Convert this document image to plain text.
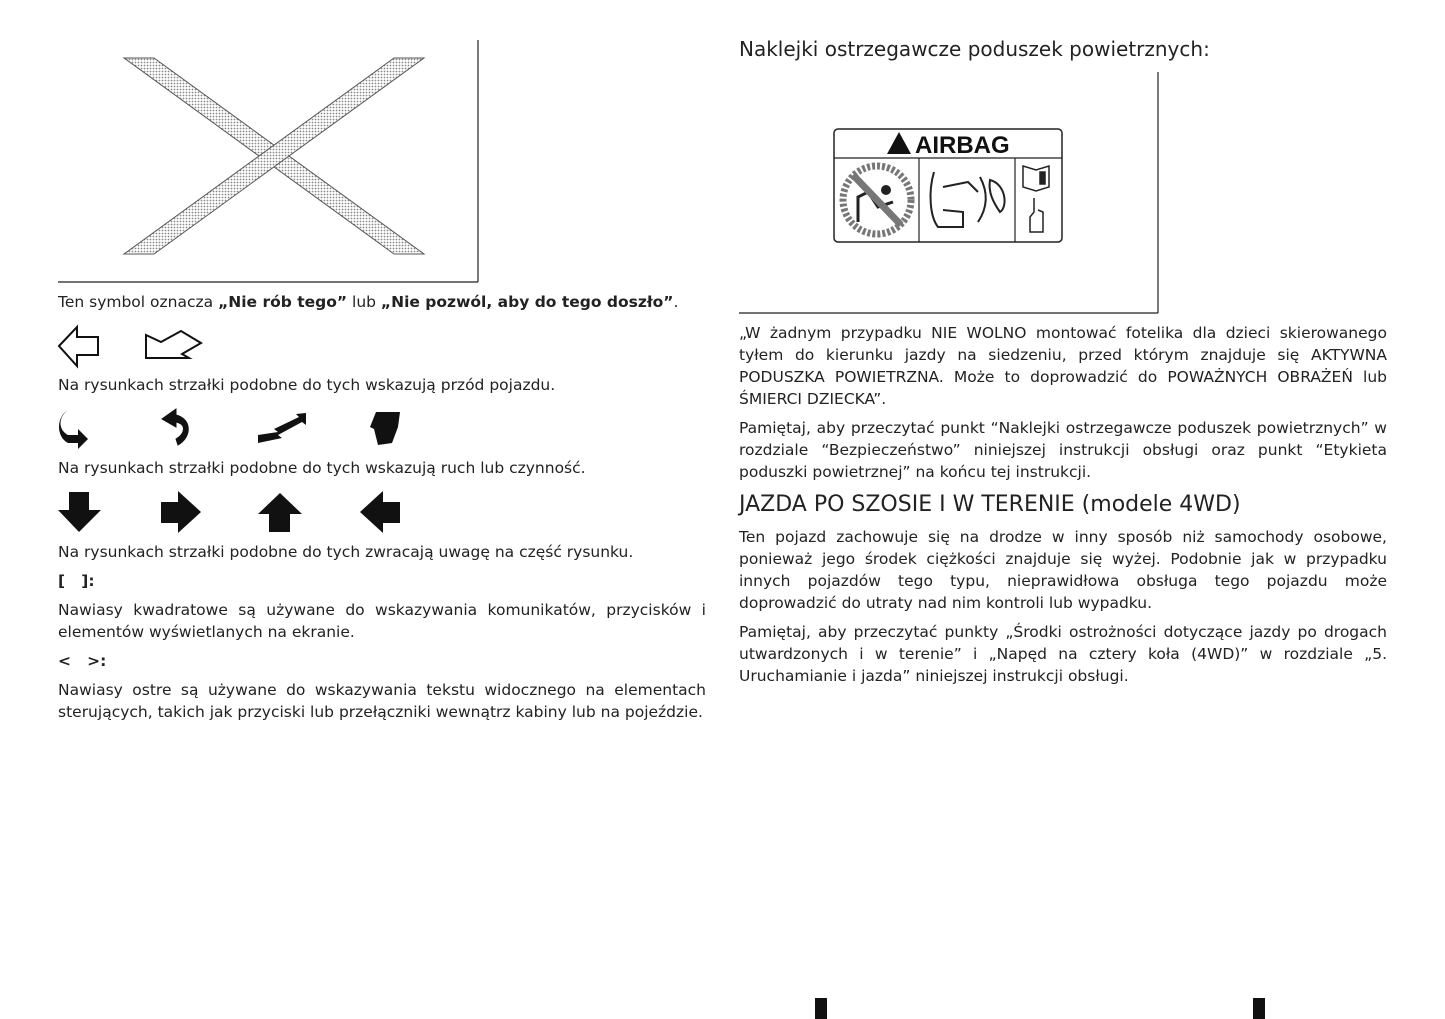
Ten symbol oznacza „Nie rób tego” lub „Nie pozwól, aby do tego doszło”.

Na rysunkach strzałki podobne do tych wskazują przód pojazdu.

Na rysunkach strzałki podobne do tych wskazują ruch lub czynność.

Na rysunkach strzałki podobne do tych zwracają uwagę na część rysunku.

[   ]:

Nawiasy kwadratowe są używane do wskazywania komunikatów, przycisków i elementów wyświetlanych na ekranie.

<   >:

Nawiasy ostre są używane do wskazywania tekstu widocznego na elementach sterujących, takich jak przyciski lub przełączniki wewnątrz kabiny lub na pojeździe.

Naklejki ostrzegawcze poduszek powietrznych:

AIRBAG

„W żadnym przypadku NIE WOLNO montować fotelika dla dzieci skierowanego tyłem do kierunku jazdy na siedzeniu, przed którym znajduje się AKTYWNA PODUSZKA POWIETRZNA. Może to doprowadzić do POWAŻNYCH OBRAŻEŃ lub ŚMIERCI DZIECKA”.

Pamiętaj, aby przeczytać punkt “Naklejki ostrzegawcze poduszek powietrznych” w rozdziale “Bezpieczeństwo” niniejszej instrukcji obsługi oraz punkt “Etykieta poduszki powietrznej” na końcu tej instrukcji.

JAZDA PO SZOSIE I W TERENIE (modele 4WD)

Ten pojazd zachowuje się na drodze w inny sposób niż samochody osobowe, ponieważ jego środek ciężkości znajduje się wyżej. Podobnie jak w przypadku innych pojazdów tego typu, nieprawidłowa obsługa tego pojazdu może doprowadzić do utraty nad nim kontroli lub wypadku.

Pamiętaj, aby przeczytać punkty „Środki ostrożności dotyczące jazdy po drogach utwardzonych i w terenie” i „Napęd na cztery koła (4WD)” w rozdziale „5. Uruchamianie i jazda” niniejszej instrukcji obsługi.
